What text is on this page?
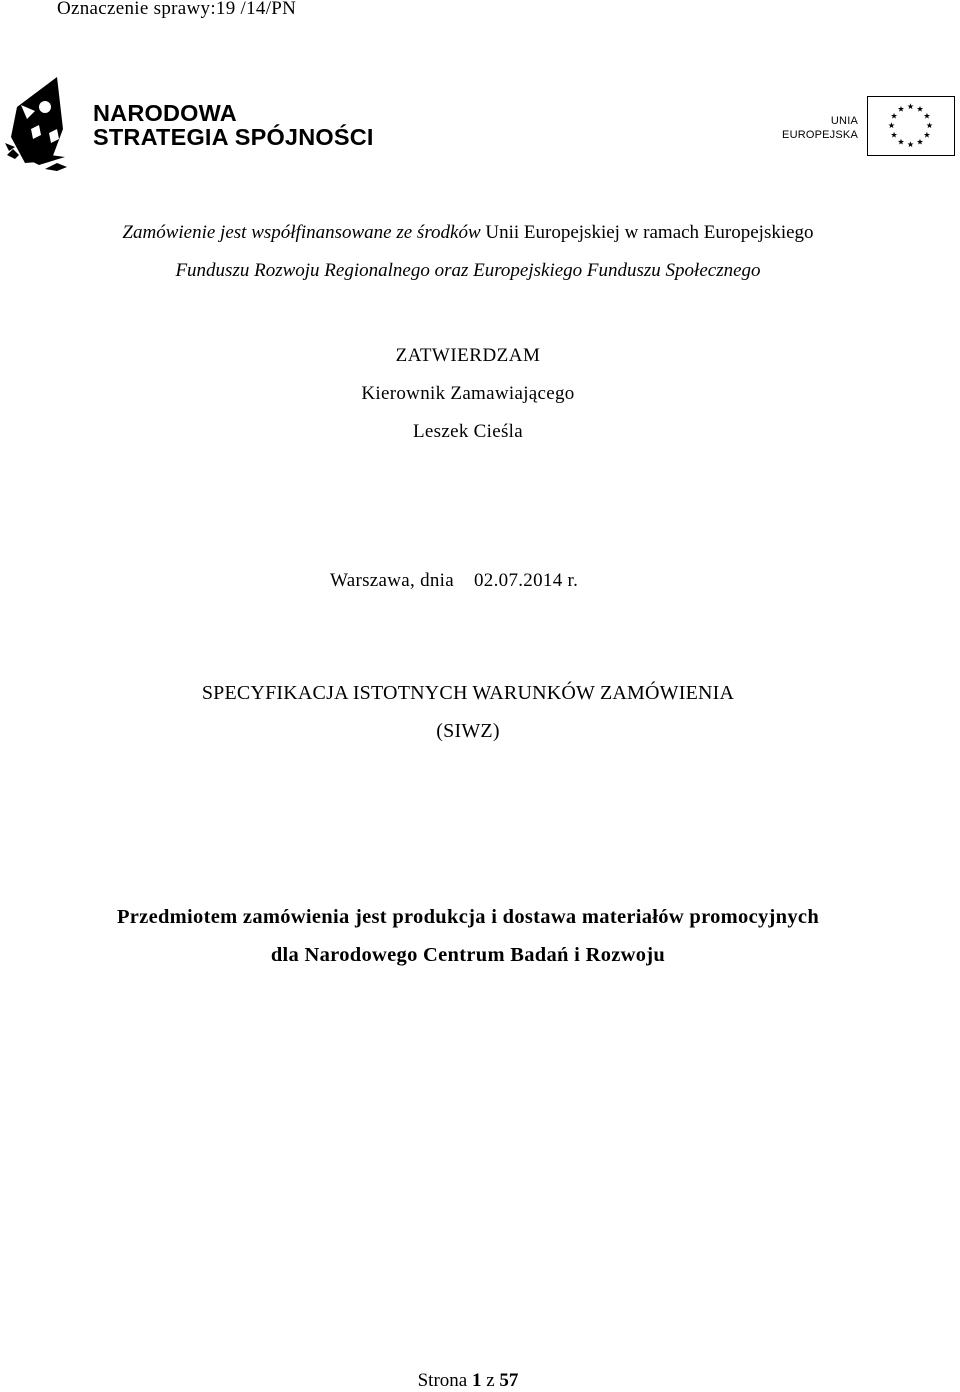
Oznaczenie sprawy:19 /14/PN
NARODOWA
STRATEGIA SPÓJNOŚCI
UNIA
EUROPEJSKA
Zamówienie jest współfinansowane ze środków Unii Europejskiej w ramach Europejskiego
Funduszu Rozwoju Regionalnego oraz Europejskiego Funduszu Społecznego
ZATWIERDZAM
Kierownik Zamawiającego
Leszek Cieśla
Warszawa, dnia 02.07.2014 r.
SPECYFIKACJA ISTOTNYCH WARUNKÓW ZAMÓWIENIA
(SIWZ)
Przedmiotem zamówienia jest produkcja i dostawa materiałów promocyjnych
dla Narodowego Centrum Badań i Rozwoju
Strona 1 z 57
